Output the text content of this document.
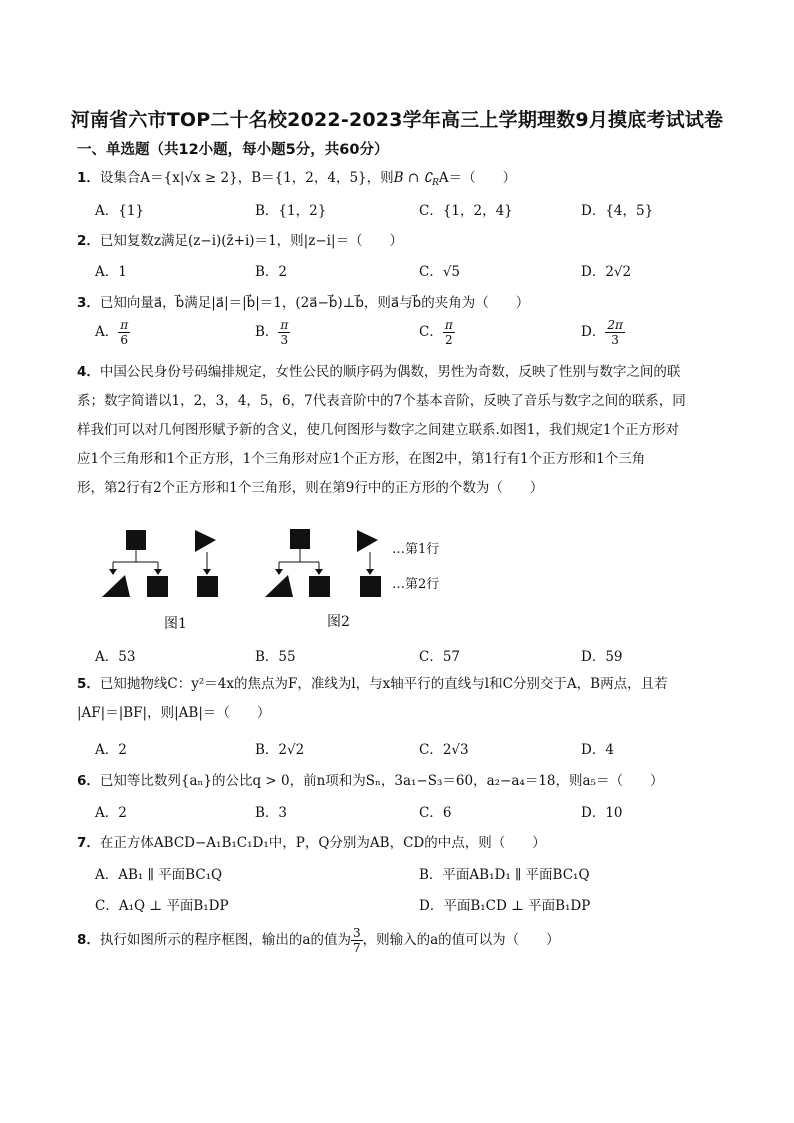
河南省六市TOP二十名校2022-2023学年高三上学期理数9月摸底考试试卷
一、单选题（共12小题，每小题5分，共60分）
1．设集合A＝{x|√x ≥ 2}，B＝{1，2，4，5}，则B ∩ $∁_RA=$（　　）
A．{1}	B．{1，2}	C．{1，2，4}	D．{4，5}
2．已知复数z满足(z−i)(z̄+i)＝1，则|z−i|＝（　　）
A．1	B．2	C．√5	D．2√2
3．已知向量a⃗，b⃗满足|a⃗|＝|b⃗|＝1，(2a⃗−b⃗)⊥b⃗，则a⃗与b⃗的夹角为（　　）
A． $\frac{\pi}{6}$	B． $\frac{\pi}{3}$	C． $\frac{\pi}{2}$	D． $\frac{2\pi}{3}$
4．中国公民身份号码编排规定，女性公民的顺序码为偶数，男性为奇数，反映了性别与数字之间的联
系；数字简谱以1，2，3，4，5，6，7代表音阶中的7个基本音阶，反映了音乐与数字之间的联系，同
样我们可以对几何图形赋予新的含义，使几何图形与数字之间建立联系.如图1，我们规定1个正方形对
应1个三角形和1个正方形，1个三角形对应1个正方形，在图2中，第1行有1个正方形和1个三角
形，第2行有2个正方形和1个三角形，则在第9行中的正方形的个数为（　　）
…第1行
…第2行
图1	图2
A．53	B．55	C．57	D．59
5．已知抛物线C：y²＝4x的焦点为F，准线为l，与x轴平行的直线与l和C分别交于A，B两点，且若
|AF|＝|BF|，则|AB|＝（　　）
A．2	B．2√2	C．2√3	D．4
6．已知等比数列{aₙ}的公比q > 0，前n项和为Sₙ，3a₁−S₃＝60，a₂−a₄＝18，则a₅＝（　　）
A．2	B．3	C．6	D．10
7．在正方体ABCD−A₁B₁C₁D₁中，P，Q分别为AB，CD的中点，则（　　）
A．AB₁ ∥ 平面BC₁Q	B．平面AB₁D₁ ∥ 平面BC₁Q
C．A₁Q ⊥ 平面B₁DP	D．平面B₁CD ⊥ 平面B₁DP
8．执行如图所示的程序框图，输出的a的值为 $\frac{3}{7}$ ，则输入的a的值可以为（　　）
